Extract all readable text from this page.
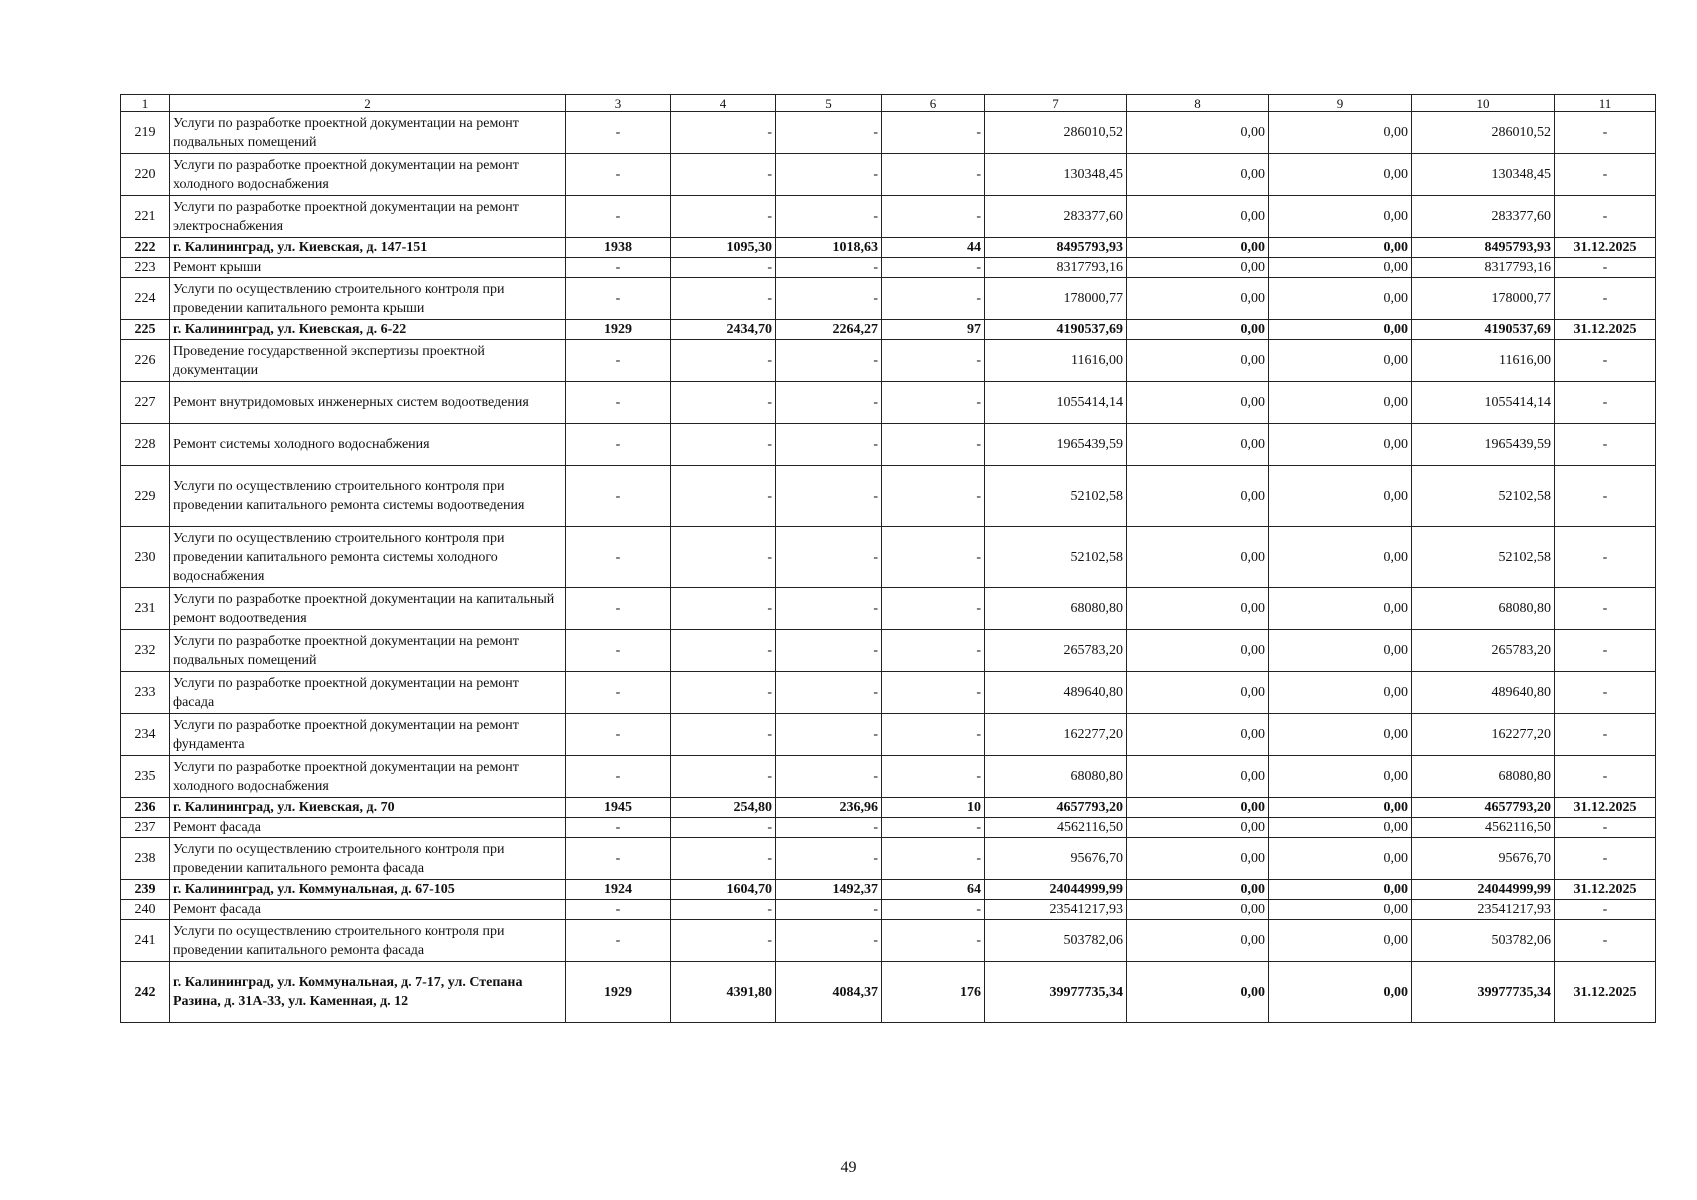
1	2	3	4	5	6	7	8	9	10	11
219	Услуги по разработке проектной документации на ремонт подвальных помещений	-	-	-	-	286010,52	0,00	0,00	286010,52	-
220	Услуги по разработке проектной документации на ремонт холодного водоснабжения	-	-	-	-	130348,45	0,00	0,00	130348,45	-
221	Услуги по разработке проектной документации на ремонт электроснабжения	-	-	-	-	283377,60	0,00	0,00	283377,60	-
222	г. Калининград, ул. Киевская, д. 147-151	1938	1095,30	1018,63	44	8495793,93	0,00	0,00	8495793,93	31.12.2025
223	Ремонт крыши	-	-	-	-	8317793,16	0,00	0,00	8317793,16	-
224	Услуги по осуществлению строительного контроля при проведении капитального ремонта крыши	-	-	-	-	178000,77	0,00	0,00	178000,77	-
225	г. Калининград, ул. Киевская, д. 6-22	1929	2434,70	2264,27	97	4190537,69	0,00	0,00	4190537,69	31.12.2025
226	Проведение государственной экспертизы проектной документации	-	-	-	-	11616,00	0,00	0,00	11616,00	-
227	Ремонт внутридомовых инженерных систем водоотведения	-	-	-	-	1055414,14	0,00	0,00	1055414,14	-
228	Ремонт системы холодного водоснабжения	-	-	-	-	1965439,59	0,00	0,00	1965439,59	-
229	Услуги по осуществлению строительного контроля при проведении капитального ремонта системы водоотведения	-	-	-	-	52102,58	0,00	0,00	52102,58	-
230	Услуги по осуществлению строительного контроля при проведении капитального ремонта системы холодного водоснабжения	-	-	-	-	52102,58	0,00	0,00	52102,58	-
231	Услуги по разработке проектной документации на капитальный ремонт водоотведения	-	-	-	-	68080,80	0,00	0,00	68080,80	-
232	Услуги по разработке проектной документации на ремонт подвальных помещений	-	-	-	-	265783,20	0,00	0,00	265783,20	-
233	Услуги по разработке проектной документации на ремонт фасада	-	-	-	-	489640,80	0,00	0,00	489640,80	-
234	Услуги по разработке проектной документации на ремонт фундамента	-	-	-	-	162277,20	0,00	0,00	162277,20	-
235	Услуги по разработке проектной документации на ремонт холодного водоснабжения	-	-	-	-	68080,80	0,00	0,00	68080,80	-
236	г. Калининград, ул. Киевская, д. 70	1945	254,80	236,96	10	4657793,20	0,00	0,00	4657793,20	31.12.2025
237	Ремонт фасада	-	-	-	-	4562116,50	0,00	0,00	4562116,50	-
238	Услуги по осуществлению строительного контроля при проведении капитального ремонта фасада	-	-	-	-	95676,70	0,00	0,00	95676,70	-
239	г. Калининград, ул. Коммунальная, д. 67-105	1924	1604,70	1492,37	64	24044999,99	0,00	0,00	24044999,99	31.12.2025
240	Ремонт фасада	-	-	-	-	23541217,93	0,00	0,00	23541217,93	-
241	Услуги по осуществлению строительного контроля при проведении капитального ремонта фасада	-	-	-	-	503782,06	0,00	0,00	503782,06	-
242	г. Калининград, ул. Коммунальная, д. 7-17, ул. Степана Разина, д. 31А-33, ул. Каменная, д. 12	1929	4391,80	4084,37	176	39977735,34	0,00	0,00	39977735,34	31.12.2025
49
